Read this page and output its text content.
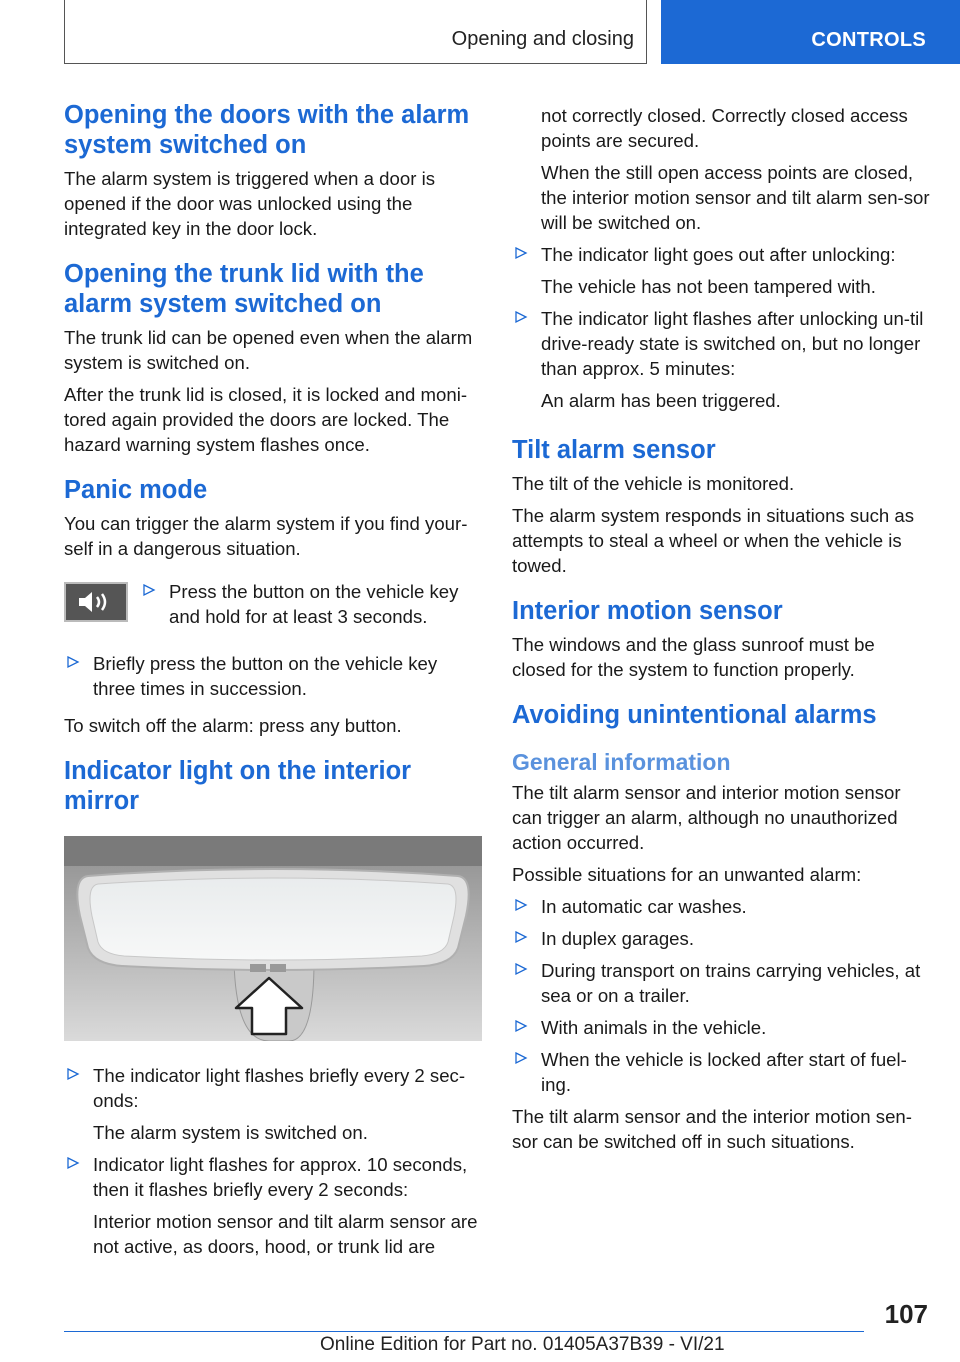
Opening and closing	CONTROLS
Opening the doors with the alarm system switched on

The alarm system is triggered when a door is opened if the door was unlocked using the integrated key in the door lock.

Opening the trunk lid with the alarm system switched on

The trunk lid can be opened even when the alarm system is switched on.

After the trunk lid is closed, it is locked and moni‐tored again provided the doors are locked. The hazard warning system flashes once.

Panic mode

You can trigger the alarm system if you find your‐self in a dangerous situation.

Press the button on the vehicle key and hold for at least 3 seconds.

Briefly press the button on the vehicle key three times in succession.

To switch off the alarm: press any button.

Indicator light on the interior mirror

The indicator light flashes briefly every 2 sec‐onds:

The alarm system is switched on.

Indicator light flashes for approx. 10 seconds, then it flashes briefly every 2 seconds:

Interior motion sensor and tilt alarm sensor are not active, as doors, hood, or trunk lid are

not correctly closed. Correctly closed access points are secured.

When the still open access points are closed, the interior motion sensor and tilt alarm sen‐sor will be switched on.

The indicator light goes out after unlocking:

The vehicle has not been tampered with.

The indicator light flashes after unlocking un‐til drive-ready state is switched on, but no longer than approx. 5 minutes:

An alarm has been triggered.

Tilt alarm sensor

The tilt of the vehicle is monitored.

The alarm system responds in situations such as attempts to steal a wheel or when the vehicle is towed.

Interior motion sensor

The windows and the glass sunroof must be closed for the system to function properly.

Avoiding unintentional alarms
General information

The tilt alarm sensor and interior motion sensor can trigger an alarm, although no unauthorized action occurred.

Possible situations for an unwanted alarm:

In automatic car washes.

In duplex garages.

During transport on trains carrying vehicles, at sea or on a trailer.

With animals in the vehicle.

When the vehicle is locked after start of fuel‐ing.

The tilt alarm sensor and the interior motion sen‐sor can be switched off in such situations.

107
Online Edition for Part no. 01405A37B39 - VI/21
